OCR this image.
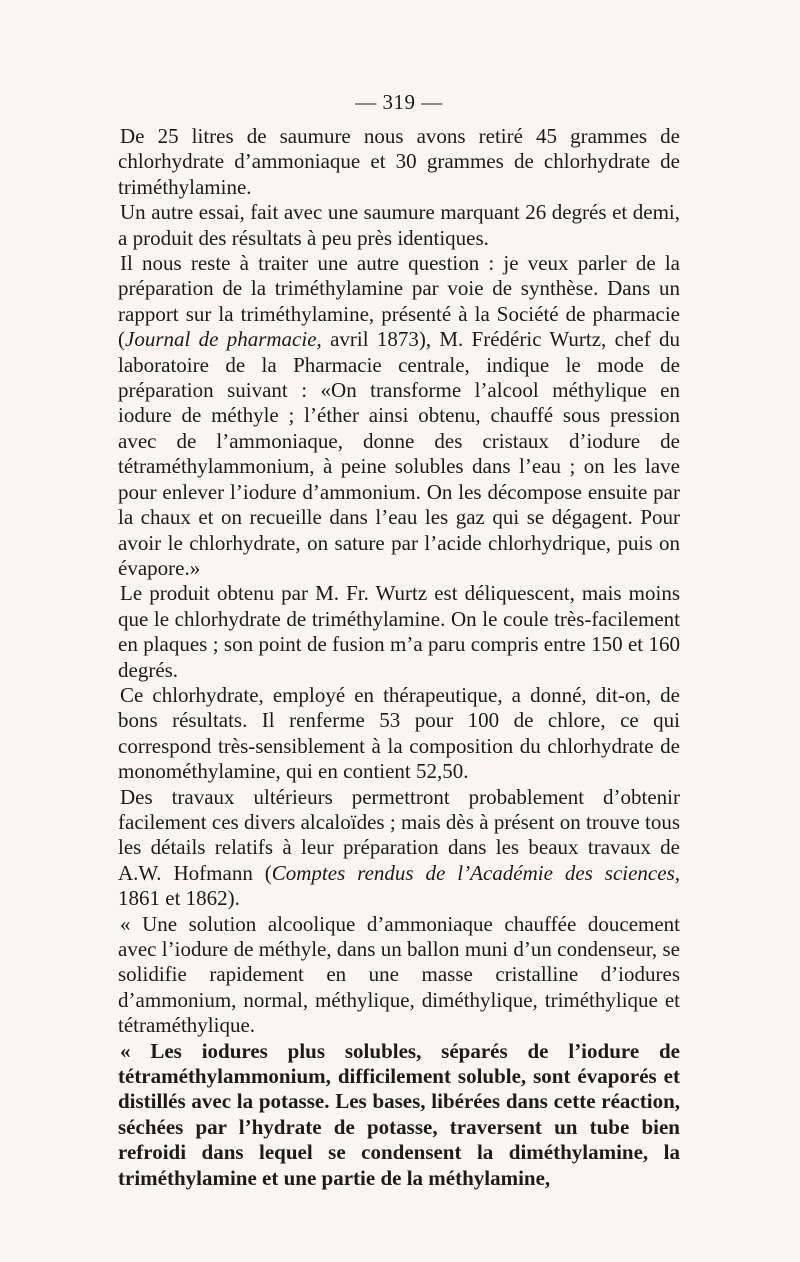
— 319 —

De 25 litres de saumure nous avons retiré 45 grammes de chlorhydrate d’ammoniaque et 30 grammes de chlorhydrate de triméthylamine.

Un autre essai, fait avec une saumure marquant 26 degrés et demi, a produit des résultats à peu près identiques.

Il nous reste à traiter une autre question : je veux parler de la préparation de la triméthylamine par voie de synthèse. Dans un rapport sur la triméthylamine, présenté à la Société de pharmacie (Journal de pharmacie, avril 1873), M. Frédéric Wurtz, chef du laboratoire de la Pharmacie centrale, indique le mode de préparation suivant : «On transforme l’alcool méthylique en iodure de méthyle ; l’éther ainsi obtenu, chauffé sous pression avec de l’ammoniaque, donne des cristaux d’iodure de tétraméthylammonium, à peine solubles dans l’eau ; on les lave pour enlever l’iodure d’ammonium. On les décompose ensuite par la chaux et on recueille dans l’eau les gaz qui se dégagent. Pour avoir le chlorhydrate, on sature par l’acide chlorhydrique, puis on évapore.»

Le produit obtenu par M. Fr. Wurtz est déliquescent, mais moins que le chlorhydrate de triméthylamine. On le coule très-facilement en plaques ; son point de fusion m’a paru compris entre 150 et 160 degrés.

Ce chlorhydrate, employé en thérapeutique, a donné, dit-on, de bons résultats. Il renferme 53 pour 100 de chlore, ce qui correspond très-sensiblement à la composition du chlorhydrate de monométhylamine, qui en contient 52,50.

Des travaux ultérieurs permettront probablement d’obtenir facilement ces divers alcaloïdes ; mais dès à présent on trouve tous les détails relatifs à leur préparation dans les beaux travaux de A.W. Hofmann (Comptes rendus de l’Académie des sciences, 1861 et 1862).

« Une solution alcoolique d’ammoniaque chauffée doucement avec l’iodure de méthyle, dans un ballon muni d’un condenseur, se solidifie rapidement en une masse cristalline d’iodures d’ammonium, normal, méthylique, diméthylique, triméthylique et tétraméthylique.

« Les iodures plus solubles, séparés de l’iodure de tétraméthylammonium, difficilement soluble, sont évaporés et distillés avec la potasse. Les bases, libérées dans cette réaction, séchées par l’hydrate de potasse, traversent un tube bien refroidi dans lequel se condensent la diméthylamine, la triméthylamine et une partie de la méthylamine,
